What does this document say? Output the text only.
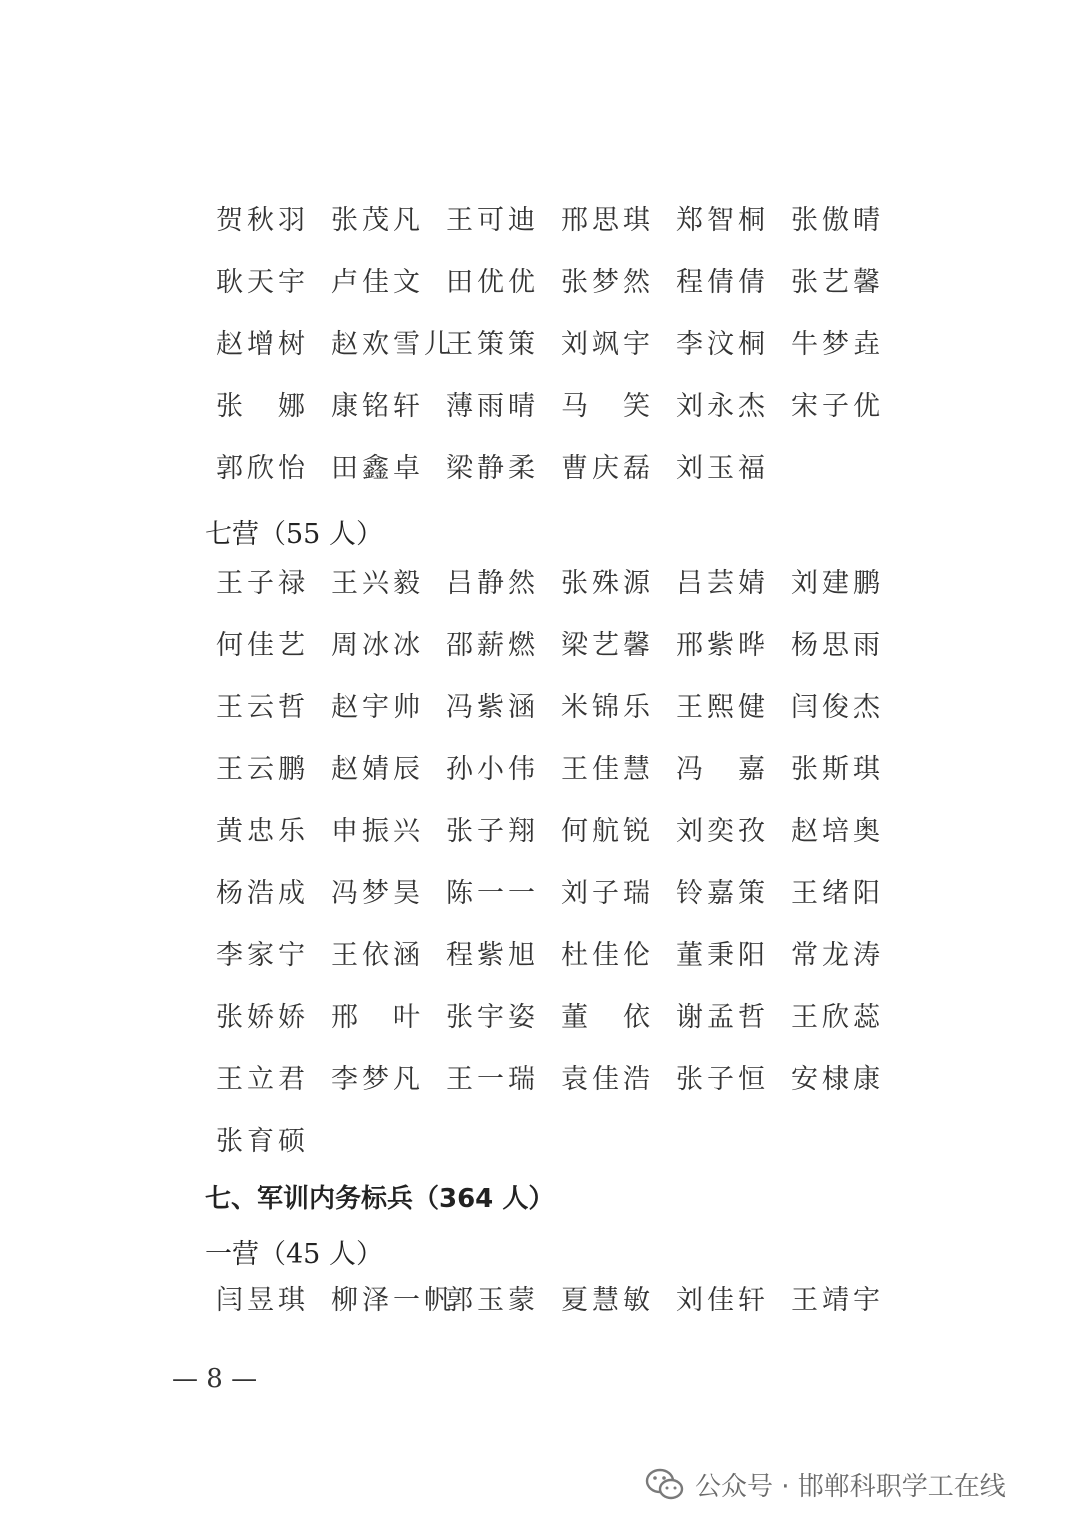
贺秋羽 张茂凡 王可迪 邢思琪 郑智桐 张傲晴
耿天宇 卢佳文 田优优 张梦然 程倩倩 张艺馨
赵增树 赵欢雪儿
王策策 刘飒宇 李汶桐 牛梦垚
张　娜 康铭轩 薄雨晴 马　笑 刘永杰 宋子优
郭欣怡 田鑫卓 梁静柔 曹庆磊 刘玉福
七营（55 人）
王子禄 王兴毅 吕静然 张殊源 吕芸婧 刘建鹏
何佳艺 周冰冰 邵薪燃 梁艺馨 邢紫晔 杨思雨
王云哲 赵宇帅 冯紫涵 米锦乐 王熙健 闫俊杰
王云鹏 赵婧辰 孙小伟 王佳慧 冯　嘉 张斯琪
黄忠乐 申振兴 张子翔 何航锐 刘奕孜 赵培奥
杨浩成 冯梦昊 陈一一 刘子瑞 铃嘉策 王绪阳
李家宁 王依涵 程紫旭 杜佳伦 董秉阳 常龙涛
张娇娇 邢　叶 张宇姿 董　依 谢孟哲 王欣蕊
王立君 李梦凡 王一瑞 袁佳浩 张子恒 安棣康
张育硕
七、军训内务标兵（364 人）
一营（45 人）
闫昱琪 柳泽一帆
郭玉蒙 夏慧敏 刘佳轩 王靖宇
— 8 —
公众号 · 邯郸科职学工在线
